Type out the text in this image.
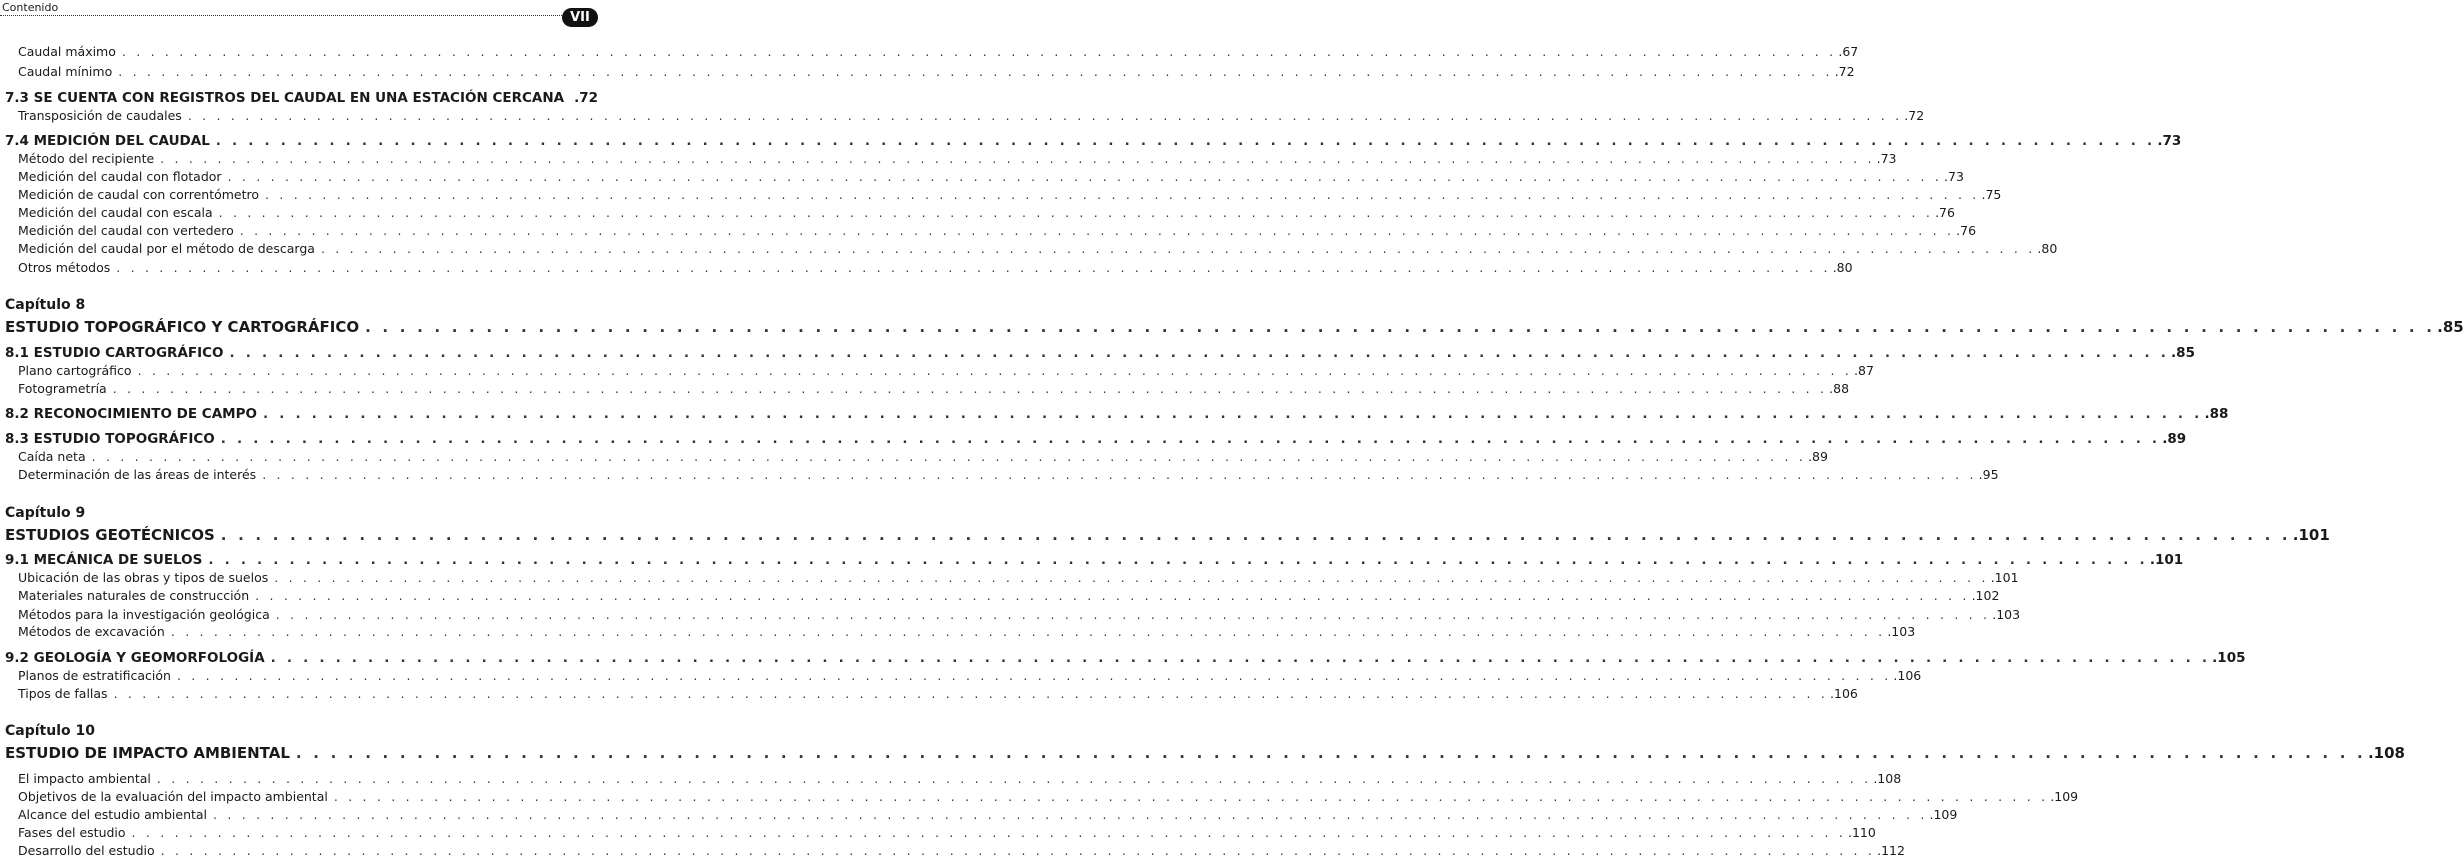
Contenido
VII
Caudal máximo . . . . . . . . . . . . . . . . . . . . . . . . . . . . . . . . . . . . . . . . . . . . . . . . . . . . . . . . . . . . . . . . . . . . . . . . . . . . . . . . . . . . . . . . . . . . . . . . . . . . . . . . . . . . . . . . . . . . . . . . .67
Caudal mínimo . . . . . . . . . . . . . . . . . . . . . . . . . . . . . . . . . . . . . . . . . . . . . . . . . . . . . . . . . . . . . . . . . . . . . . . . . . . . . . . . . . . . . . . . . . . . . . . . . . . . . . . . . . . . . . . . . . . . . . . . .72
7.3 SE CUENTA CON REGISTROS DEL CAUDAL EN UNA ESTACIÓN CERCANA .72
Transposición de caudales . . . . . . . . . . . . . . . . . . . . . . . . . . . . . . . . . . . . . . . . . . . . . . . . . . . . . . . . . . . . . . . . . . . . . . . . . . . . . . . . . . . . . . . . . . . . . . . . . . . . . . . . . . . . . . . . . . . . . . . . .72
7.4 MEDICIÓN DEL CAUDAL . . . . . . . . . . . . . . . . . . . . . . . . . . . . . . . . . . . . . . . . . . . . . . . . . . . . . . . . . . . . . . . . . . . . . . . . . . . . . . . . . . . . . . . . . . . . . . . . . . . . . . . . . . . . . . . . . . . . . . . . .73
Método del recipiente . . . . . . . . . . . . . . . . . . . . . . . . . . . . . . . . . . . . . . . . . . . . . . . . . . . . . . . . . . . . . . . . . . . . . . . . . . . . . . . . . . . . . . . . . . . . . . . . . . . . . . . . . . . . . . . . . . . . . . . . .73
Medición del caudal con flotador . . . . . . . . . . . . . . . . . . . . . . . . . . . . . . . . . . . . . . . . . . . . . . . . . . . . . . . . . . . . . . . . . . . . . . . . . . . . . . . . . . . . . . . . . . . . . . . . . . . . . . . . . . . . . . . . . . . . . . . . .73
Medición de caudal con correntómetro . . . . . . . . . . . . . . . . . . . . . . . . . . . . . . . . . . . . . . . . . . . . . . . . . . . . . . . . . . . . . . . . . . . . . . . . . . . . . . . . . . . . . . . . . . . . . . . . . . . . . . . . . . . . . . . . . . . . . . . . .75
Medición del caudal con escala . . . . . . . . . . . . . . . . . . . . . . . . . . . . . . . . . . . . . . . . . . . . . . . . . . . . . . . . . . . . . . . . . . . . . . . . . . . . . . . . . . . . . . . . . . . . . . . . . . . . . . . . . . . . . . . . . . . . . . . . .76
Medición del caudal con vertedero . . . . . . . . . . . . . . . . . . . . . . . . . . . . . . . . . . . . . . . . . . . . . . . . . . . . . . . . . . . . . . . . . . . . . . . . . . . . . . . . . . . . . . . . . . . . . . . . . . . . . . . . . . . . . . . . . . . . . . . . .76
Medición del caudal por el método de descarga . . . . . . . . . . . . . . . . . . . . . . . . . . . . . . . . . . . . . . . . . . . . . . . . . . . . . . . . . . . . . . . . . . . . . . . . . . . . . . . . . . . . . . . . . . . . . . . . . . . . . . . . . . . . . . . . . . . . . . . . .80
Otros métodos . . . . . . . . . . . . . . . . . . . . . . . . . . . . . . . . . . . . . . . . . . . . . . . . . . . . . . . . . . . . . . . . . . . . . . . . . . . . . . . . . . . . . . . . . . . . . . . . . . . . . . . . . . . . . . . . . . . . . . . . .80
Capítulo 8
ESTUDIO TOPOGRÁFICO Y CARTOGRÁFICO . . . . . . . . . . . . . . . . . . . . . . . . . . . . . . . . . . . . . . . . . . . . . . . . . . . . . . . . . . . . . . . . . . . . . . . . . . . . . . . . . . . . . . . . . . . . . . . . . . . . . . . . . . . . . . . . . . . . . . . . .85
8.1 ESTUDIO CARTOGRÁFICO . . . . . . . . . . . . . . . . . . . . . . . . . . . . . . . . . . . . . . . . . . . . . . . . . . . . . . . . . . . . . . . . . . . . . . . . . . . . . . . . . . . . . . . . . . . . . . . . . . . . . . . . . . . . . . . . . . . . . . . . .85
Plano cartográfico . . . . . . . . . . . . . . . . . . . . . . . . . . . . . . . . . . . . . . . . . . . . . . . . . . . . . . . . . . . . . . . . . . . . . . . . . . . . . . . . . . . . . . . . . . . . . . . . . . . . . . . . . . . . . . . . . . . . . . . . .87
Fotogrametría . . . . . . . . . . . . . . . . . . . . . . . . . . . . . . . . . . . . . . . . . . . . . . . . . . . . . . . . . . . . . . . . . . . . . . . . . . . . . . . . . . . . . . . . . . . . . . . . . . . . . . . . . . . . . . . . . . . . . . . . .88
8.2 RECONOCIMIENTO DE CAMPO . . . . . . . . . . . . . . . . . . . . . . . . . . . . . . . . . . . . . . . . . . . . . . . . . . . . . . . . . . . . . . . . . . . . . . . . . . . . . . . . . . . . . . . . . . . . . . . . . . . . . . . . . . . . . . . . . . . . . . . . .88
8.3 ESTUDIO TOPOGRÁFICO . . . . . . . . . . . . . . . . . . . . . . . . . . . . . . . . . . . . . . . . . . . . . . . . . . . . . . . . . . . . . . . . . . . . . . . . . . . . . . . . . . . . . . . . . . . . . . . . . . . . . . . . . . . . . . . . . . . . . . . . .89
Caída neta . . . . . . . . . . . . . . . . . . . . . . . . . . . . . . . . . . . . . . . . . . . . . . . . . . . . . . . . . . . . . . . . . . . . . . . . . . . . . . . . . . . . . . . . . . . . . . . . . . . . . . . . . . . . . . . . . . . . . . . . .89
Determinación de las áreas de interés . . . . . . . . . . . . . . . . . . . . . . . . . . . . . . . . . . . . . . . . . . . . . . . . . . . . . . . . . . . . . . . . . . . . . . . . . . . . . . . . . . . . . . . . . . . . . . . . . . . . . . . . . . . . . . . . . . . . . . . . .95
Capítulo 9
ESTUDIOS GEOTÉCNICOS . . . . . . . . . . . . . . . . . . . . . . . . . . . . . . . . . . . . . . . . . . . . . . . . . . . . . . . . . . . . . . . . . . . . . . . . . . . . . . . . . . . . . . . . . . . . . . . . . . . . . . . . . . . . . . . . . . . . . . . . .101
9.1 MECÁNICA DE SUELOS . . . . . . . . . . . . . . . . . . . . . . . . . . . . . . . . . . . . . . . . . . . . . . . . . . . . . . . . . . . . . . . . . . . . . . . . . . . . . . . . . . . . . . . . . . . . . . . . . . . . . . . . . . . . . . . . . . . . . . . . .101
Ubicación de las obras y tipos de suelos . . . . . . . . . . . . . . . . . . . . . . . . . . . . . . . . . . . . . . . . . . . . . . . . . . . . . . . . . . . . . . . . . . . . . . . . . . . . . . . . . . . . . . . . . . . . . . . . . . . . . . . . . . . . . . . . . . . . . . . . .101
Materiales naturales de construcción . . . . . . . . . . . . . . . . . . . . . . . . . . . . . . . . . . . . . . . . . . . . . . . . . . . . . . . . . . . . . . . . . . . . . . . . . . . . . . . . . . . . . . . . . . . . . . . . . . . . . . . . . . . . . . . . . . . . . . . . .102
Métodos para la investigación geológica . . . . . . . . . . . . . . . . . . . . . . . . . . . . . . . . . . . . . . . . . . . . . . . . . . . . . . . . . . . . . . . . . . . . . . . . . . . . . . . . . . . . . . . . . . . . . . . . . . . . . . . . . . . . . . . . . . . . . . . . .103
Métodos de excavación . . . . . . . . . . . . . . . . . . . . . . . . . . . . . . . . . . . . . . . . . . . . . . . . . . . . . . . . . . . . . . . . . . . . . . . . . . . . . . . . . . . . . . . . . . . . . . . . . . . . . . . . . . . . . . . . . . . . . . . . .103
9.2 GEOLOGÍA Y GEOMORFOLOGÍA . . . . . . . . . . . . . . . . . . . . . . . . . . . . . . . . . . . . . . . . . . . . . . . . . . . . . . . . . . . . . . . . . . . . . . . . . . . . . . . . . . . . . . . . . . . . . . . . . . . . . . . . . . . . . . . . . . . . . . . . .105
Planos de estratificación . . . . . . . . . . . . . . . . . . . . . . . . . . . . . . . . . . . . . . . . . . . . . . . . . . . . . . . . . . . . . . . . . . . . . . . . . . . . . . . . . . . . . . . . . . . . . . . . . . . . . . . . . . . . . . . . . . . . . . . . .106
Tipos de fallas . . . . . . . . . . . . . . . . . . . . . . . . . . . . . . . . . . . . . . . . . . . . . . . . . . . . . . . . . . . . . . . . . . . . . . . . . . . . . . . . . . . . . . . . . . . . . . . . . . . . . . . . . . . . . . . . . . . . . . . . .106
Capítulo 10
ESTUDIO DE IMPACTO AMBIENTAL . . . . . . . . . . . . . . . . . . . . . . . . . . . . . . . . . . . . . . . . . . . . . . . . . . . . . . . . . . . . . . . . . . . . . . . . . . . . . . . . . . . . . . . . . . . . . . . . . . . . . . . . . . . . . . . . . . . . . . . . .108
El impacto ambiental . . . . . . . . . . . . . . . . . . . . . . . . . . . . . . . . . . . . . . . . . . . . . . . . . . . . . . . . . . . . . . . . . . . . . . . . . . . . . . . . . . . . . . . . . . . . . . . . . . . . . . . . . . . . . . . . . . . . . . . . .108
Objetivos de la evaluación del impacto ambiental . . . . . . . . . . . . . . . . . . . . . . . . . . . . . . . . . . . . . . . . . . . . . . . . . . . . . . . . . . . . . . . . . . . . . . . . . . . . . . . . . . . . . . . . . . . . . . . . . . . . . . . . . . . . . . . . . . . . . . . . .109
Alcance del estudio ambiental . . . . . . . . . . . . . . . . . . . . . . . . . . . . . . . . . . . . . . . . . . . . . . . . . . . . . . . . . . . . . . . . . . . . . . . . . . . . . . . . . . . . . . . . . . . . . . . . . . . . . . . . . . . . . . . . . . . . . . . . .109
Fases del estudio . . . . . . . . . . . . . . . . . . . . . . . . . . . . . . . . . . . . . . . . . . . . . . . . . . . . . . . . . . . . . . . . . . . . . . . . . . . . . . . . . . . . . . . . . . . . . . . . . . . . . . . . . . . . . . . . . . . . . . . . .110
Desarrollo del estudio . . . . . . . . . . . . . . . . . . . . . . . . . . . . . . . . . . . . . . . . . . . . . . . . . . . . . . . . . . . . . . . . . . . . . . . . . . . . . . . . . . . . . . . . . . . . . . . . . . . . . . . . . . . . . . . . . . . . . . . . .112
